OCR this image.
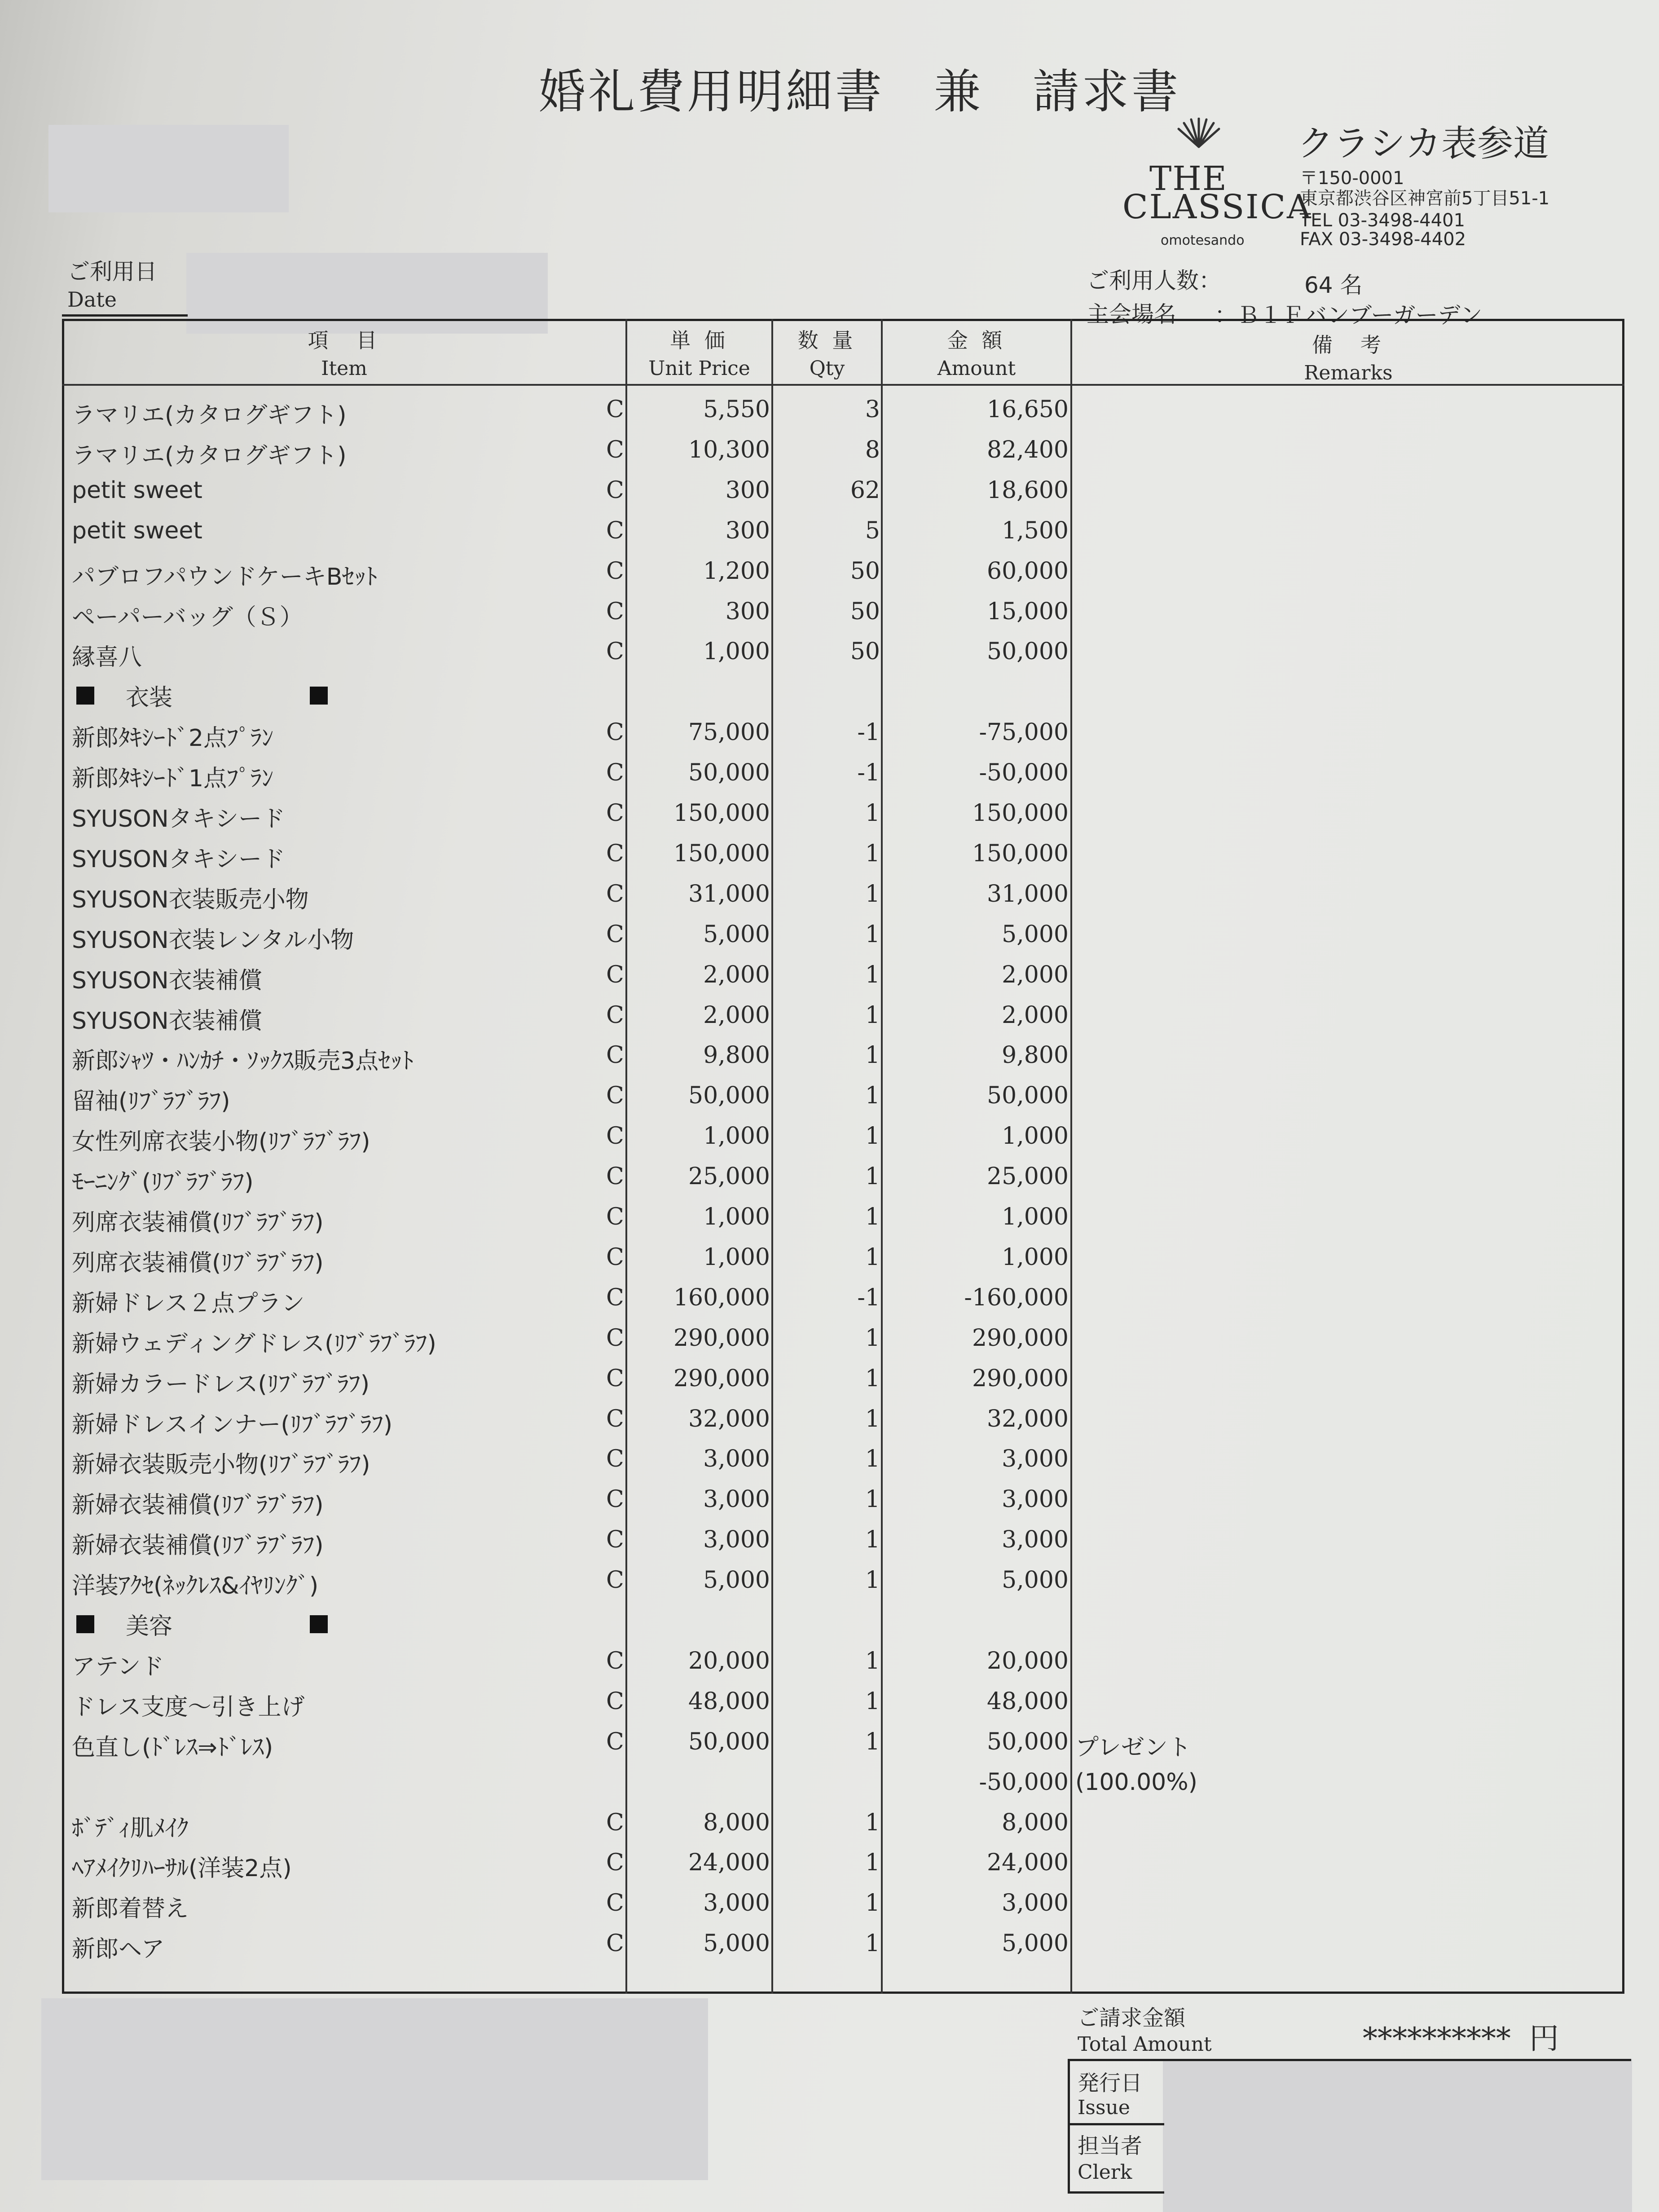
婚礼費用明細書　兼　請求書
THE
CLASSICA
omotesando
クラシカ表参道
〒150-0001
東京都渋谷区神宮前5丁目51-1
TEL 03-3498-4401
FAX 03-3498-4402
ご利用日
Date
ご利用人数：	64 名
主会場名 ：Ｂ１Ｆバンブーガーデン
項　目
Item
単 価
Unit Price
数 量
Qty
金 額
Amount
備　考
Remarks
ラマリエ(カタログギフト)	C	5,550	3	16,650
ラマリエ(カタログギフト)	C	10,300	8	82,400
petit sweet	C	300	62	18,600
petit sweet	C	300	5	1,500
パブロフパウンドケーキBｾｯﾄ	C	1,200	50	60,000
ペーパーバッグ（Ｓ）	C	300	50	15,000
縁喜八	C	1,000	50	50,000
衣装
新郎ﾀｷｼｰﾄﾞ2点ﾌﾟﾗﾝ	C	75,000	-1	-75,000
新郎ﾀｷｼｰﾄﾞ1点ﾌﾟﾗﾝ	C	50,000	-1	-50,000
SYUSONタキシード	C 150,000	1	150,000
SYUSONタキシード	C 150,000	1	150,000
SYUSON衣装販売小物	C	31,000	1	31,000
SYUSON衣装レンタル小物	C	5,000	1	5,000
SYUSON衣装補償	C	2,000	1	2,000
SYUSON衣装補償	C	2,000	1	2,000
新郎ｼｬﾂ・ﾊﾝｶﾁ・ｿｯｸｽ販売3点ｾｯﾄ	C	9,800	1	9,800
留袖(ﾘﾌﾞﾗﾌﾞﾗﾌ)	C	50,000	1	50,000
女性列席衣装小物(ﾘﾌﾞﾗﾌﾞﾗﾌ)	C	1,000	1	1,000
ﾓｰﾆﾝｸﾞ(ﾘﾌﾞﾗﾌﾞﾗﾌ)	C	25,000	1	25,000
列席衣装補償(ﾘﾌﾞﾗﾌﾞﾗﾌ)	C	1,000	1	1,000
列席衣装補償(ﾘﾌﾞﾗﾌﾞﾗﾌ)	C	1,000	1	1,000
新婦ドレス２点プラン	C 160,000	-1	-160,000
新婦ウェディングドレス(ﾘﾌﾞﾗﾌﾞﾗﾌ)	C 290,000	1	290,000
新婦カラードレス(ﾘﾌﾞﾗﾌﾞﾗﾌ)	C 290,000	1	290,000
新婦ドレスインナー(ﾘﾌﾞﾗﾌﾞﾗﾌ)	C	32,000	1	32,000
新婦衣装販売小物(ﾘﾌﾞﾗﾌﾞﾗﾌ)	C	3,000	1	3,000
新婦衣装補償(ﾘﾌﾞﾗﾌﾞﾗﾌ)	C	3,000	1	3,000
新婦衣装補償(ﾘﾌﾞﾗﾌﾞﾗﾌ)	C	3,000	1	3,000
洋装ｱｸｾ(ﾈｯｸﾚｽ&ｲﾔﾘﾝｸﾞ)	C	5,000	1	5,000
美容
アテンド	C	20,000	1	20,000
ドレス支度～引き上げ	C	48,000	1	48,000
色直し(ﾄﾞﾚｽ⇒ﾄﾞﾚｽ)	C	50,000	1	50,000 プレゼント
-50,000 (100.00%)
ﾎﾞﾃﾞｨ肌ﾒｲｸ	C	8,000	1	8,000
ﾍｱﾒｲｸﾘﾊｰｻﾙ(洋装2点)	C	24,000	1	24,000
新郎着替え	C	3,000	1	3,000
新郎ヘア	C	5,000	1	5,000
ご請求金額
Total Amount	********** 円
発行日
Issue
担当者
Clerk
